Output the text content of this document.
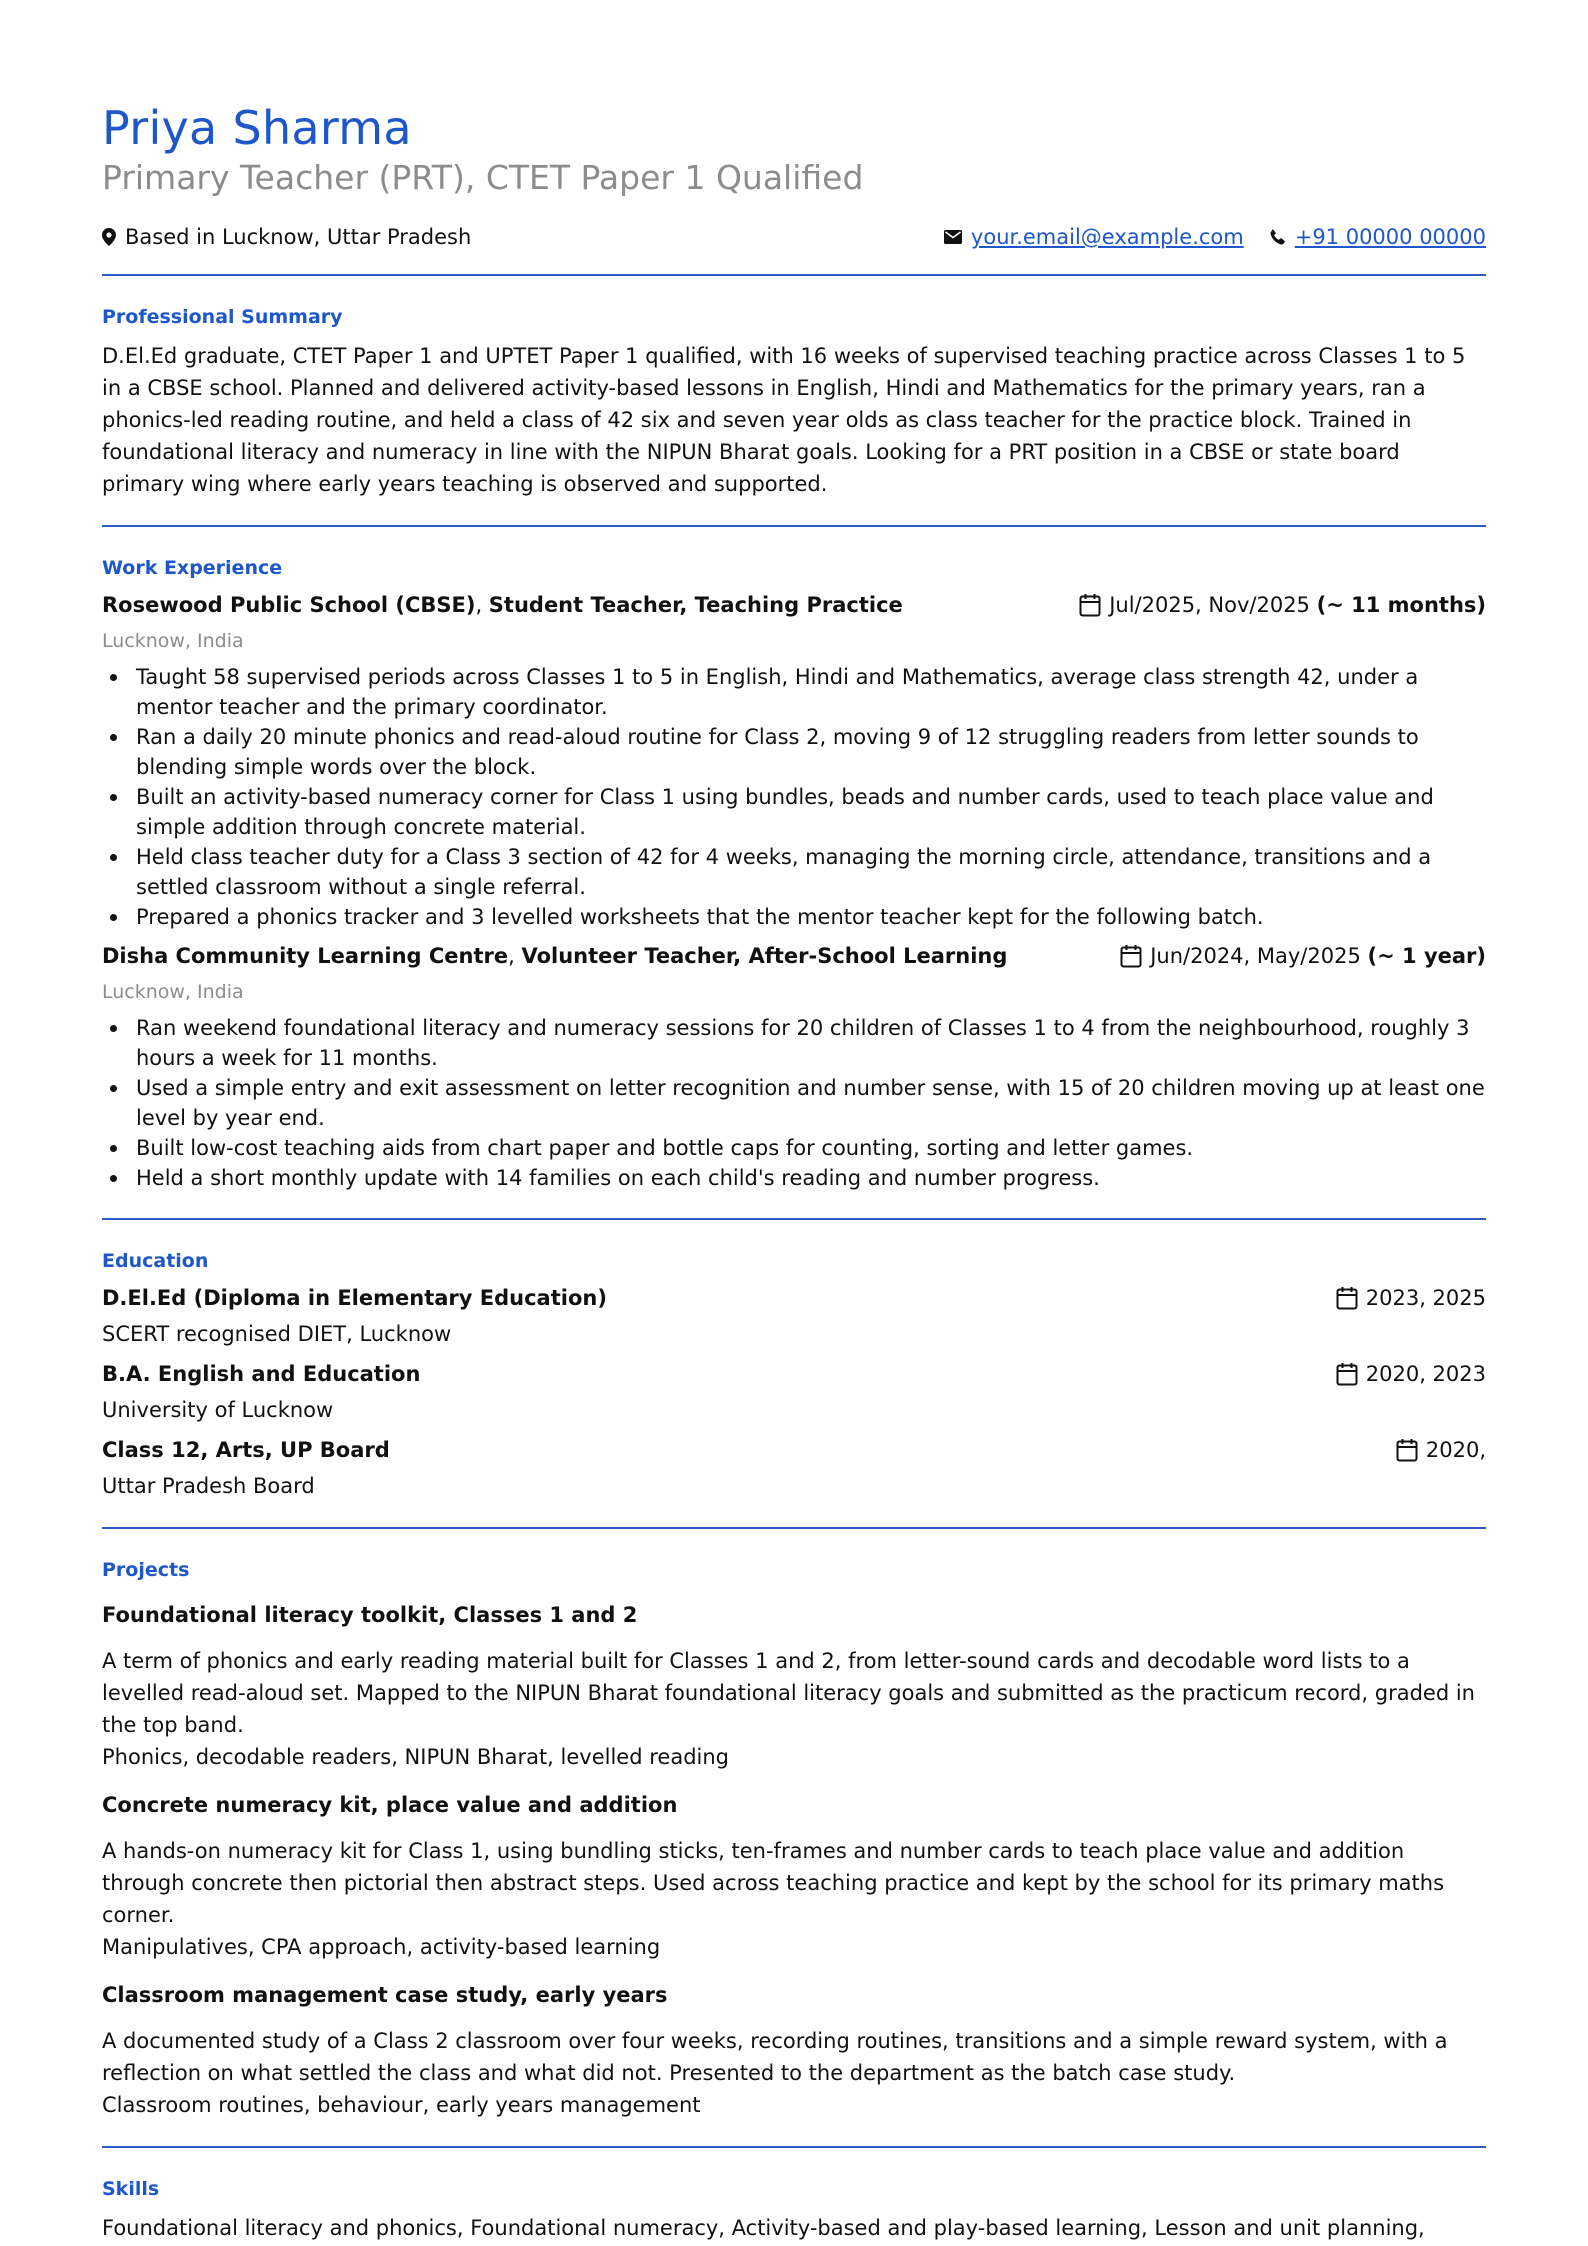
Priya Sharma
Primary Teacher (PRT), CTET Paper 1 Qualified
Based in Lucknow, Uttar Pradesh	your.email@example.com +91 00000 00000
Professional Summary
D.El.Ed graduate, CTET Paper 1 and UPTET Paper 1 qualified, with 16 weeks of supervised teaching practice across Classes 1 to 5 in a CBSE school. Planned and delivered activity-based lessons in English, Hindi and Mathematics for the primary years, ran a phonics-led reading routine, and held a class of 42 six and seven year olds as class teacher for the practice block. Trained in foundational literacy and numeracy in line with the NIPUN Bharat goals. Looking for a PRT position in a CBSE or state board primary wing where early years teaching is observed and supported.
Work Experience
Rosewood Public School (CBSE), Student Teacher, Teaching Practice	Jul/2025, Nov/2025
(~ 11 months)
Lucknow, India
Taught 58 supervised periods across Classes 1 to 5 in English, Hindi and Mathematics, average class strength 42, under a mentor teacher and the primary coordinator.
Ran a daily 20 minute phonics and read-aloud routine for Class 2, moving 9 of 12 struggling readers from letter sounds to blending simple words over the block.
Built an activity-based numeracy corner for Class 1 using bundles, beads and number cards, used to teach place value and simple addition through concrete material.
Held class teacher duty for a Class 3 section of 42 for 4 weeks, managing the morning circle, attendance, transitions and a settled classroom without a single referral.
Prepared a phonics tracker and 3 levelled worksheets that the mentor teacher kept for the following batch.
Disha Community Learning Centre, Volunteer Teacher, After-School Learning	Jun/2024, May/2025
(~ 1 year)
Lucknow, India
Ran weekend foundational literacy and numeracy sessions for 20 children of Classes 1 to 4 from the neighbourhood, roughly 3 hours a week for 11 months.
Used a simple entry and exit assessment on letter recognition and number sense, with 15 of 20 children moving up at least one level by year end.
Built low-cost teaching aids from chart paper and bottle caps for counting, sorting and letter games.
Held a short monthly update with 14 families on each child's reading and number progress.
Education
D.El.Ed (Diploma in Elementary Education)	2023, 2025
SCERT recognised DIET, Lucknow
B.A. English and Education	2020, 2023
University of Lucknow
Class 12, Arts, UP Board	2020,
Uttar Pradesh Board
Projects
Foundational literacy toolkit, Classes 1 and 2
A term of phonics and early reading material built for Classes 1 and 2, from letter-sound cards and decodable word lists to a levelled read-aloud set. Mapped to the NIPUN Bharat foundational literacy goals and submitted as the practicum record, graded in the top band.
Phonics, decodable readers, NIPUN Bharat, levelled reading
Concrete numeracy kit, place value and addition
A hands-on numeracy kit for Class 1, using bundling sticks, ten-frames and number cards to teach place value and addition through concrete then pictorial then abstract steps. Used across teaching practice and kept by the school for its primary maths corner.
Manipulatives, CPA approach, activity-based learning
Classroom management case study, early years
A documented study of a Class 2 classroom over four weeks, recording routines, transitions and a simple reward system, with a reflection on what settled the class and what did not. Presented to the department as the batch case study.
Classroom routines, behaviour, early years management
Skills
Foundational literacy and phonics, Foundational numeracy, Activity-based and play-based learning, Lesson and unit planning,
